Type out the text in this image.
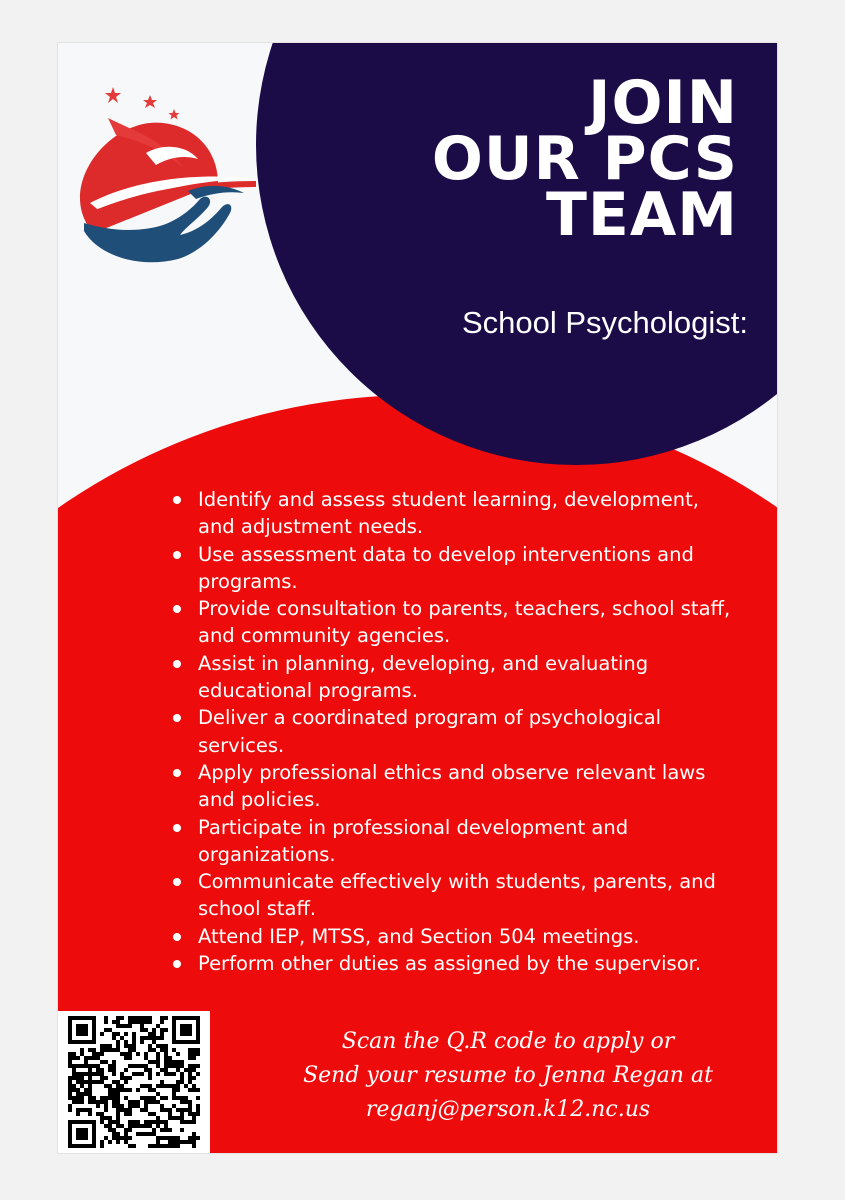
JOIN
OUR PCS
TEAM
School Psychologist:
Identify and assess student learning, development, and adjustment needs.
Use assessment data to develop interventions and programs.
Provide consultation to parents, teachers, school staff, and community agencies.
Assist in planning, developing, and evaluating educational programs.
Deliver a coordinated program of psychological services.
Apply professional ethics and observe relevant laws and policies.
Participate in professional development and organizations.
Communicate effectively with students, parents, and school staff.
Attend IEP, MTSS, and Section 504 meetings.
Perform other duties as assigned by the supervisor.
Scan the Q.R code to apply or
Send your resume to Jenna Regan at
reganj@person.k12.nc.us
